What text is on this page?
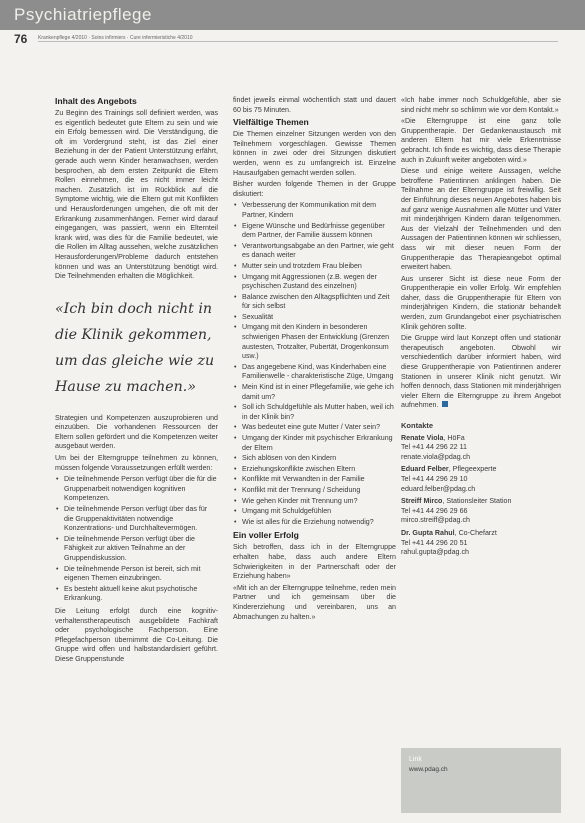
Psychiatriepflege
76 Krankenpflege 4/2010 · Soins infirmiers · Cure infermieristiche 4/2010
Inhalt des Angebots

Zu Beginn des Trainings soll definiert werden, was es eigentlich bedeutet gute Eltern zu sein und wie ein Erfolg bemessen wird. Die Verständigung, die oft im Vordergrund steht, ist das Ziel einer Beziehung in der der Patient Unterstützung erfährt, gerade auch wenn Kinder heranwachsen, werden besprochen, ab dem ersten Zeitpunkt die Eltern Rollen einnehmen, die es nicht immer leicht machen. Zusätzlich ist im Rückblick auf die Symptome wichtig, wie die Eltern gut mit Konflikten und Herausforderungen umgehen, die oft mit der Erkrankung zusammenhängen. Ferner wird darauf eingegangen, was passiert, wenn ein Elternteil krank wird, was dies für die Familie bedeutet, wie die Rollen im Alltag aussehen, welche zusätzlichen Herausforderungen/Probleme dadurch entstehen können und was an Unterstützung benötigt wird. Die Teilnehmenden erhalten die Möglichkeit.

«Ich bin doch nicht in die Klinik gekommen, um das gleiche wie zu Hause zu machen.»

Strategien und Kompetenzen auszuprobieren und einzuüben. Die vorhandenen Ressourcen der Eltern sollen gefördert und die Kompetenzen weiter ausgebaut werden.

Um bei der Elterngruppe teilnehmen zu können, müssen folgende Voraussetzungen erfüllt werden:

• Die teilnehmende Person verfügt über die für die Gruppenarbeit notwendigen kognitiven Kompetenzen.
• Die teilnehmende Person verfügt über das für die Gruppenaktivitäten notwendige Konzentrations- und Durchhaltevermögen.
• Die teilnehmende Person verfügt über die Fähigkeit zur aktiven Teilnahme an der Gruppendiskussion.
• Die teilnehmende Person ist bereit, sich mit eigenen Themen einzubringen.
• Es besteht aktuell keine akut psychotische Erkrankung.

Die Leitung erfolgt durch eine kognitiv-verhaltenstherapeutisch ausgebildete Fachkraft oder psychologische Fachperson. Eine Pflegefachperson übernimmt die Co-Leitung. Die Gruppe wird offen und halbstandardisiert geführt. Diese Gruppenstunde

findet jeweils einmal wöchentlich statt und dauert 60 bis 75 Minuten.

Vielfältige Themen

Die Themen einzelner Sitzungen werden von den Teilnehmern vorgeschlagen. Gewisse Themen können in zwei oder drei Sitzungen diskutiert werden, wenn es zu umfangreich ist. Einzelne Hausaufgaben gemacht werden sollen.

Bisher wurden folgende Themen in der Gruppe diskutiert:

• Verbesserung der Kommunikation mit dem Partner, Kindern
• Eigene Wünsche und Bedürfnisse gegenüber dem Partner, der Familie äussern können
• Verantwortungsabgabe an den Partner, wie geht es danach weiter
• Mutter sein und trotzdem Frau bleiben
• Umgang mit Aggressionen (z.B. wegen der psychischen Zustand des einzelnen)
• Balance zwischen den Alltagspflichten und Zeit für sich selbst
• Sexualität
• Umgang mit den Kindern in besonderen schwierigen Phasen der Entwicklung (Grenzen austesten, Trotzalter, Pubertät, Drogenkonsum usw.)
• Das angegebene Kind, was Kinderhaben eine Familienwelle - charakteristische Züge, Umgang
• Mein Kind ist in einer Pflegefamilie, wie gehe ich damit um?
• Soll ich Schuldgefühle als Mutter haben, weil ich in der Klinik bin?
• Was bedeutet eine gute Mutter / Vater sein?
• Umgang der Kinder mit psychischer Erkrankung der Eltern
• Sich ablösen von den Kindern
• Erziehungskonflikte zwischen Eltern
• Konflikte mit Verwandten in der Familie
• Konflikt mit der Trennung / Scheidung
• Wie gehen Kinder mit Trennung um?
• Umgang mit Schuldgefühlen
• Wie ist alles für die Erziehung notwendig?
Ein voller Erfolg

Sich betroffen, dass ich in der Elterngruppe erhalten habe, dass auch andere Eltern Schwierigkeiten in der Partnerschaft oder der Erziehung haben»

«Mit ich an der Elterngruppe teilnehme, reden mein Partner und ich gemeinsam über die Kindererziehung und vereinbaren, uns an Abmachungen zu halten.»

«Ich habe immer noch Schuldgefühle, aber sie sind nicht mehr so schlimm wie vor dem Kontakt.»

«Die Elterngruppe ist eine ganz tolle Gruppentherapie. Der Gedankenaustausch mit anderen Eltern hat mir viele Erkenntnisse gebracht. Ich finde es wichtig, dass diese Therapie auch in Zukunft weiter angeboten wird.»

Diese und einige weitere Aussagen, welche betroffene Patientinnen anklingen haben. Die Teilnahme an der Elterngruppe ist freiwillig. Seit der Einführung dieses neuen Angebotes haben bis auf ganz wenige Ausnahmen alle Mütter und Väter mit minderjährigen Kindern daran teilgenommen. Aus der Vielzahl der Teilnehmenden und den Aussagen der Patientinnen können wir schliessen, dass wir mit dieser neuen Form der Gruppentherapie das Therapieangebot optimal erweitert haben.

Aus unserer Sicht ist diese neue Form der Gruppentherapie ein voller Erfolg. Wir empfehlen daher, dass die Gruppentherapie für Eltern von minderjährigen Kindern, die stationär behandelt werden, zum Grundangebot einer psychiatrischen Klinik gehören sollte.

Die Gruppe wird laut Konzept offen und stationär therapeutisch angeboten. Obwohl wir verschiedentlich darüber informiert haben, wird diese Gruppentherapie von Patientinnen anderer Stationen in unserer Klinik nicht genutzt. Wir hoffen dennoch, dass Stationen mit minderjährigen vieler Eltern die Elterngruppe zu ihrem Angebot aufnehmen.

Kontakte
Renate Viola, HöFa
Tel +41 44 296 22 11
renate.viola@pdag.ch
Eduard Felber, Pflegeexperte
Tel +41 44 296 29 10
eduard.felber@pdag.ch
Streiff Mirco, Stationsleiter Station
Tel +41 44 296 29 66
mirco.streiff@pdag.ch
Dr. Gupta Rahul, Co-Chefarzt
Tel +41 44 296 20 51
rahul.gupta@pdag.ch
Link
www.pdag.ch
